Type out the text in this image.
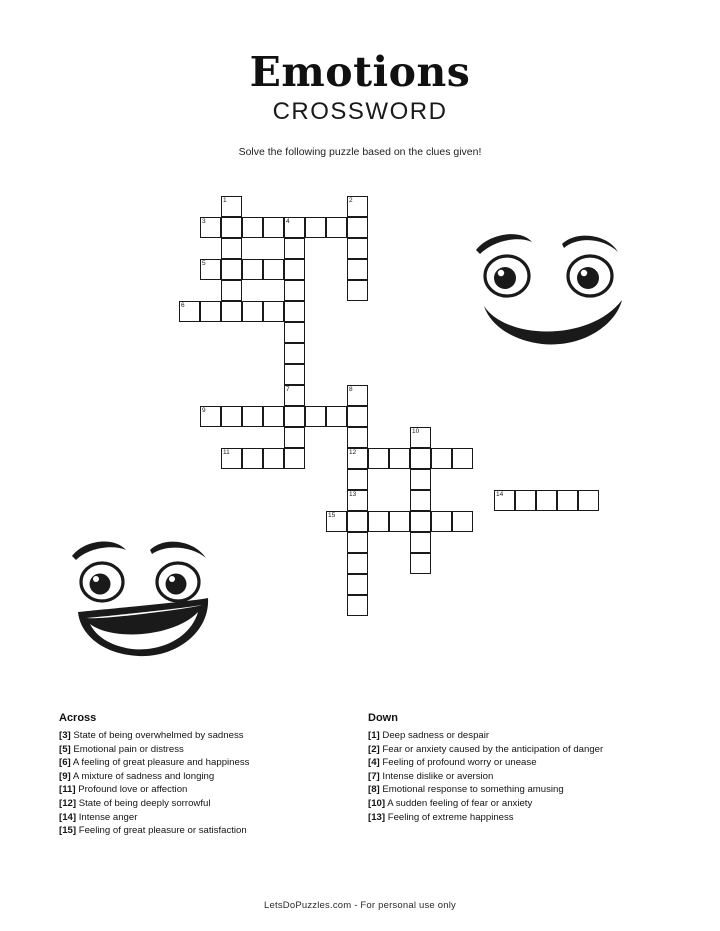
Emotions
CROSSWORD
Solve the following puzzle based on the clues given!
1	2
3	4
5
6
7	8
9
10
11	12
13	14
15
Across
[3] State of being overwhelmed by sadness
[5] Emotional pain or distress
[6] A feeling of great pleasure and happiness
[9] A mixture of sadness and longing
[11] Profound love or affection
[12] State of being deeply sorrowful
[14] Intense anger
[15] Feeling of great pleasure or satisfaction
Down
[1] Deep sadness or despair
[2] Fear or anxiety caused by the anticipation of danger
[4] Feeling of profound worry or unease
[7] Intense dislike or aversion
[8] Emotional response to something amusing
[10] A sudden feeling of fear or anxiety
[13] Feeling of extreme happiness
LetsDoPuzzles.com - For personal use only
